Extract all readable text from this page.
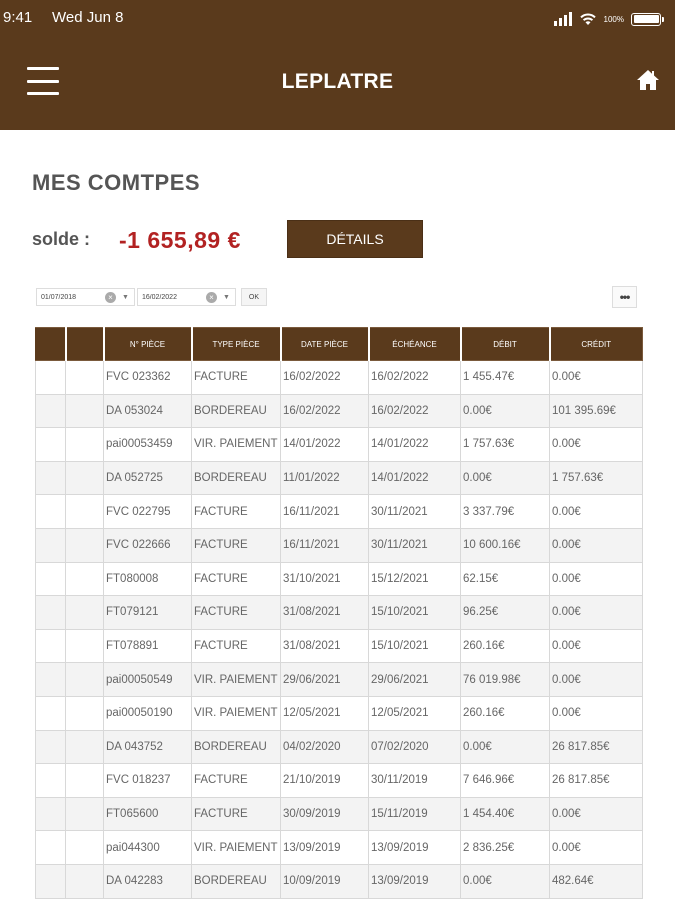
9:41 Wed Jun 8	100%
LEPLATRE
MES COMTPES
solde : -1 655,89 €	DÉTAILS
01/07/2018
×	▼
16/02/2022	×	▼	OK	•••
		N° PIÈCE	TYPE PIÈCE	DATE PIÈCE	ÉCHÉANCE	DÉBIT	CRÉDIT
		FVC 023362	FACTURE	16/02/2022	16/02/2022	1 455.47€	0.00€
		DA 053024	BORDEREAU	16/02/2022	16/02/2022	0.00€	101 395.69€
		pai00053459	VIR. PAIEMENT	14/01/2022	14/01/2022	1 757.63€	0.00€
		DA 052725	BORDEREAU	11/01/2022	14/01/2022	0.00€	1 757.63€
		FVC 022795	FACTURE	16/11/2021	30/11/2021	3 337.79€	0.00€
		FVC 022666	FACTURE	16/11/2021	30/11/2021	10 600.16€	0.00€
		FT080008	FACTURE	31/10/2021	15/12/2021	62.15€	0.00€
		FT079121	FACTURE	31/08/2021	15/10/2021	96.25€	0.00€
		FT078891	FACTURE	31/08/2021	15/10/2021	260.16€	0.00€
		pai00050549	VIR. PAIEMENT	29/06/2021	29/06/2021	76 019.98€	0.00€
		pai00050190	VIR. PAIEMENT	12/05/2021	12/05/2021	260.16€	0.00€
		DA 043752	BORDEREAU	04/02/2020	07/02/2020	0.00€	26 817.85€
		FVC 018237	FACTURE	21/10/2019	30/11/2019	7 646.96€	26 817.85€
		FT065600	FACTURE	30/09/2019	15/11/2019	1 454.40€	0.00€
		pai044300	VIR. PAIEMENT	13/09/2019	13/09/2019	2 836.25€	0.00€
		DA 042283	BORDEREAU	10/09/2019	13/09/2019	0.00€	482.64€
